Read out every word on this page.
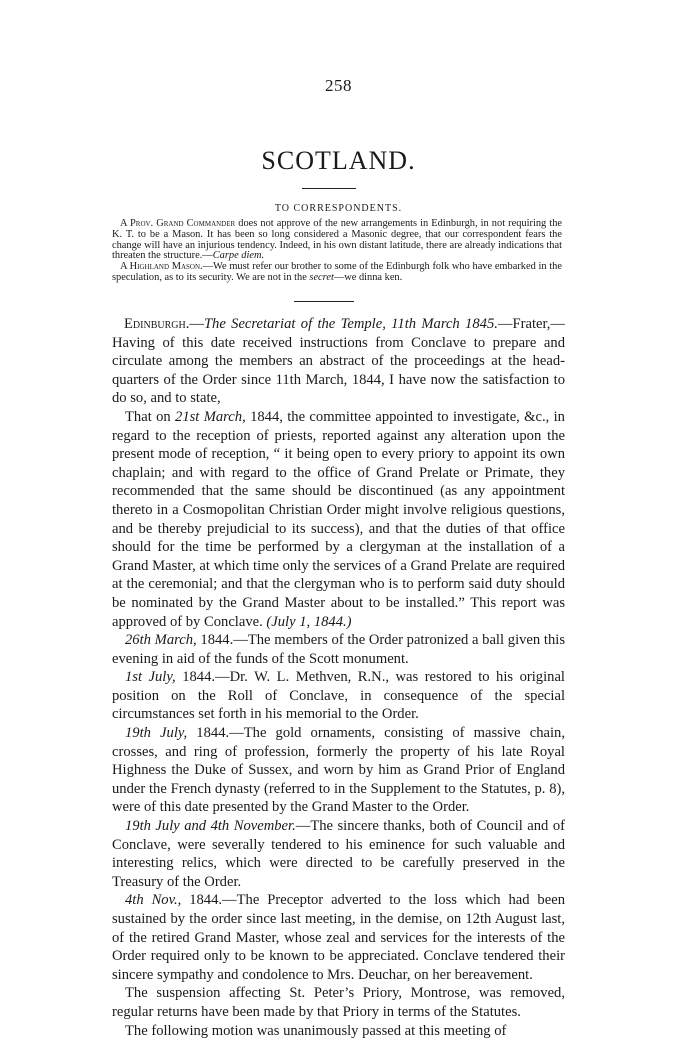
258
SCOTLAND.
TO CORRESPONDENTS.

A Prov. Grand Commander does not approve of the new arrangements in Edinburgh, in not requiring the K. T. to be a Mason. It has been so long considered a Masonic degree, that our correspondent fears the change will have an injurious tendency. Indeed, in his own distant latitude, there are already indications that threaten the structure.—Carpe diem.

A Highland Mason.—We must refer our brother to some of the Edinburgh folk who have embarked in the speculation, as to its security. We are not in the secret—we dinna ken.

Edinburgh.—The Secretariat of the Temple, 11th March 1845.—Frater,—Having of this date received instructions from Conclave to prepare and circulate among the members an abstract of the proceedings at the head-quarters of the Order since 11th March, 1844, I have now the satisfaction to do so, and to state,

That on 21st March, 1844, the committee appointed to investigate, &c., in regard to the reception of priests, reported against any alteration upon the present mode of reception, “ it being open to every priory to appoint its own chaplain; and with regard to the office of Grand Prelate or Primate, they recommended that the same should be discontinued (as any appointment thereto in a Cosmopolitan Christian Order might involve religious questions, and be thereby prejudicial to its success), and that the duties of that office should for the time be performed by a clergyman at the installation of a Grand Master, at which time only the services of a Grand Prelate are required at the ceremonial; and that the clergyman who is to perform said duty should be nominated by the Grand Master about to be installed.” This report was approved of by Conclave. (July 1, 1844.)

26th March, 1844.—The members of the Order patronized a ball given this evening in aid of the funds of the Scott monument.

1st July, 1844.—Dr. W. L. Methven, R.N., was restored to his original position on the Roll of Conclave, in consequence of the special circumstances set forth in his memorial to the Order.

19th July, 1844.—The gold ornaments, consisting of massive chain, crosses, and ring of profession, formerly the property of his late Royal Highness the Duke of Sussex, and worn by him as Grand Prior of England under the French dynasty (referred to in the Supplement to the Statutes, p. 8), were of this date presented by the Grand Master to the Order.

19th July and 4th November.—The sincere thanks, both of Council and of Conclave, were severally tendered to his eminence for such valuable and interesting relics, which were directed to be carefully preserved in the Treasury of the Order.

4th Nov., 1844.—The Preceptor adverted to the loss which had been sustained by the order since last meeting, in the demise, on 12th August last, of the retired Grand Master, whose zeal and services for the interests of the Order required only to be known to be appreciated. Conclave tendered their sincere sympathy and condolence to Mrs. Deuchar, on her bereavement.

The suspension affecting St. Peter’s Priory, Montrose, was removed, regular returns have been made by that Priory in terms of the Statutes.

The following motion was unanimously passed at this meeting of
